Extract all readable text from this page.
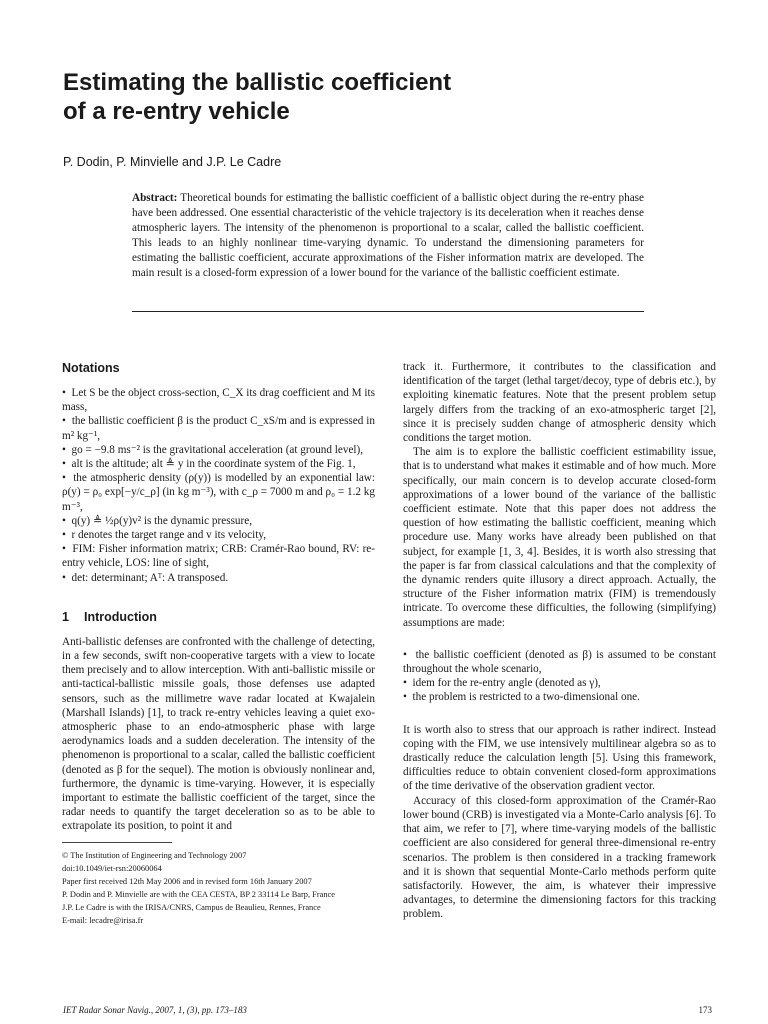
Estimating the ballistic coefficient
of a re-entry vehicle
P. Dodin, P. Minvielle and J.P. Le Cadre
Abstract: Theoretical bounds for estimating the ballistic coefficient of a ballistic object during the re-entry phase have been addressed. One essential characteristic of the vehicle trajectory is its deceleration when it reaches dense atmospheric layers. The intensity of the phenomenon is proportional to a scalar, called the ballistic coefficient. This leads to an highly nonlinear time-varying dynamic. To understand the dimensioning parameters for estimating the ballistic coefficient, accurate approximations of the Fisher information matrix are developed. The main result is a closed-form expression of a lower bound for the variance of the ballistic coefficient estimate.
Notations
•  Let S be the object cross-section, C_X its drag coefficient and M its mass,
•  the ballistic coefficient β is the product C_xS/m and is expressed in m² kg⁻¹,
•  go = −9.8 ms⁻² is the gravitational acceleration (at ground level),
•  alt is the altitude; alt ≜ y in the coordinate system of the Fig. 1,
•  the atmospheric density (ρ(y)) is modelled by an exponential law: ρ(y) = ρ₀ exp[−y/c_ρ] (in kg m⁻³), with c_ρ = 7000 m and ρ₀ = 1.2 kg m⁻³,
•  q(y) ≜ ½ρ(y)v² is the dynamic pressure,
•  r denotes the target range and v its velocity,
•  FIM: Fisher information matrix; CRB: Cramér-Rao bound, RV: re-entry vehicle, LOS: line of sight,
•  det: determinant; Aᵀ: A transposed.
1 Introduction

Anti-ballistic defenses are confronted with the challenge of detecting, in a few seconds, swift non-cooperative targets with a view to locate them precisely and to allow interception. With anti-ballistic missile or anti-tactical-ballistic missile goals, those defenses use adapted sensors, such as the millimetre wave radar located at Kwajalein (Marshall Islands) [1], to track re-entry vehicles leaving a quiet exo-atmospheric phase to an endo-atmospheric phase with large aerodynamics loads and a sudden deceleration. The intensity of the phenomenon is proportional to a scalar, called the ballistic coefficient (denoted as β for the sequel). The motion is obviously nonlinear and, furthermore, the dynamic is time-varying. However, it is especially important to estimate the ballistic coefficient of the target, since the radar needs to quantify the target deceleration so as to be able to extrapolate its position, to point it and

© The Institution of Engineering and Technology 2007
doi:10.1049/iet-rsn:20060064
Paper first received 12th May 2006 and in revised form 16th January 2007
P. Dodin and P. Minvielle are with the CEA CESTA, BP 2 33114 Le Barp, France
J.P. Le Cadre is with the IRISA/CNRS, Campus de Beaulieu, Rennes, France
E-mail: lecadre@irisa.fr

track it. Furthermore, it contributes to the classification and identification of the target (lethal target/decoy, type of debris etc.), by exploiting kinematic features. Note that the present problem setup largely differs from the tracking of an exo-atmospheric target [2], since it is precisely sudden change of atmospheric density which conditions the target motion.

The aim is to explore the ballistic coefficient estimability issue, that is to understand what makes it estimable and of how much. More specifically, our main concern is to develop accurate closed-form approximations of a lower bound of the variance of the ballistic coefficient estimate. Note that this paper does not address the question of how estimating the ballistic coefficient, meaning which procedure use. Many works have already been published on that subject, for example [1, 3, 4]. Besides, it is worth also stressing that the paper is far from classical calculations and that the complexity of the dynamic renders quite illusory a direct approach. Actually, the structure of the Fisher information matrix (FIM) is tremendously intricate. To overcome these difficulties, the following (simplifying) assumptions are made:

•  the ballistic coefficient (denoted as β) is assumed to be constant throughout the whole scenario,
•  idem for the re-entry angle (denoted as γ),
•  the problem is restricted to a two-dimensional one.

It is worth also to stress that our approach is rather indirect. Instead coping with the FIM, we use intensively multilinear algebra so as to drastically reduce the calculation length [5]. Using this framework, difficulties reduce to obtain convenient closed-form approximations of the time derivative of the observation gradient vector.

Accuracy of this closed-form approximation of the Cramér-Rao lower bound (CRB) is investigated via a Monte-Carlo analysis [6]. To that aim, we refer to [7], where time-varying models of the ballistic coefficient are also considered for general three-dimensional re-entry scenarios. The problem is then considered in a tracking framework and it is shown that sequential Monte-Carlo methods perform quite satisfactorily. However, the aim, is whatever their impressive advantages, to determine the dimensioning factors for this tracking problem.

IET Radar Sonar Navig., 2007, 1, (3), pp. 173–183	173
